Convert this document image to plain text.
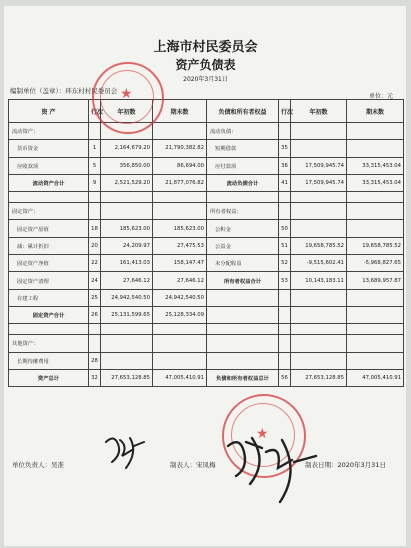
上海市村民委员会
资产负债表
2020年3月31日
编制单位（盖章）：环东村村民委员会
单位：元
资 产	行次	年初数	期末数	负债和所有者权益	行次	年初数	期末数
流动资产：				流动负债：			
货币资金	1	2,164,679.20	21,790,382.82	短期借款	35		
应收款项	5	356,850.00	86,694.00	应付款项	36	17,509,945.74	33,315,453.04
流动资产合计	9	2,521,529.20	21,877,076.82	流动负债合计	41	17,509,945.74	33,315,453.04

固定资产：				所有者权益：			
固定资产原值	18	185,623.00	185,623.00	公积金	50		
减：累计折旧	20	24,209.97	27,475.53	公益金	51	19,658,785.52	19,658,785.52
固定资产净值	22	161,413.03	158,147.47	未分配收益	52	-9,515,602.41	-5,968,827.65
固定资产清理	24	27,646.12	27,646.12	所有者权益合计	53	10,143,183.11	13,689,957.87
在建工程	25	24,942,540.50	24,942,540.50				
固定资产合计	26	25,131,599.65	25,128,334.09				

其他资产：							
长期待摊费用	28						
资产总计	32	27,653,128.85	47,005,410.91	负债和所有者权益总计	56	27,653,128.85	47,005,410.91
★
★
单位负责人：吴准	制表人：宋凤梅	制表日期：2020年3月31日
